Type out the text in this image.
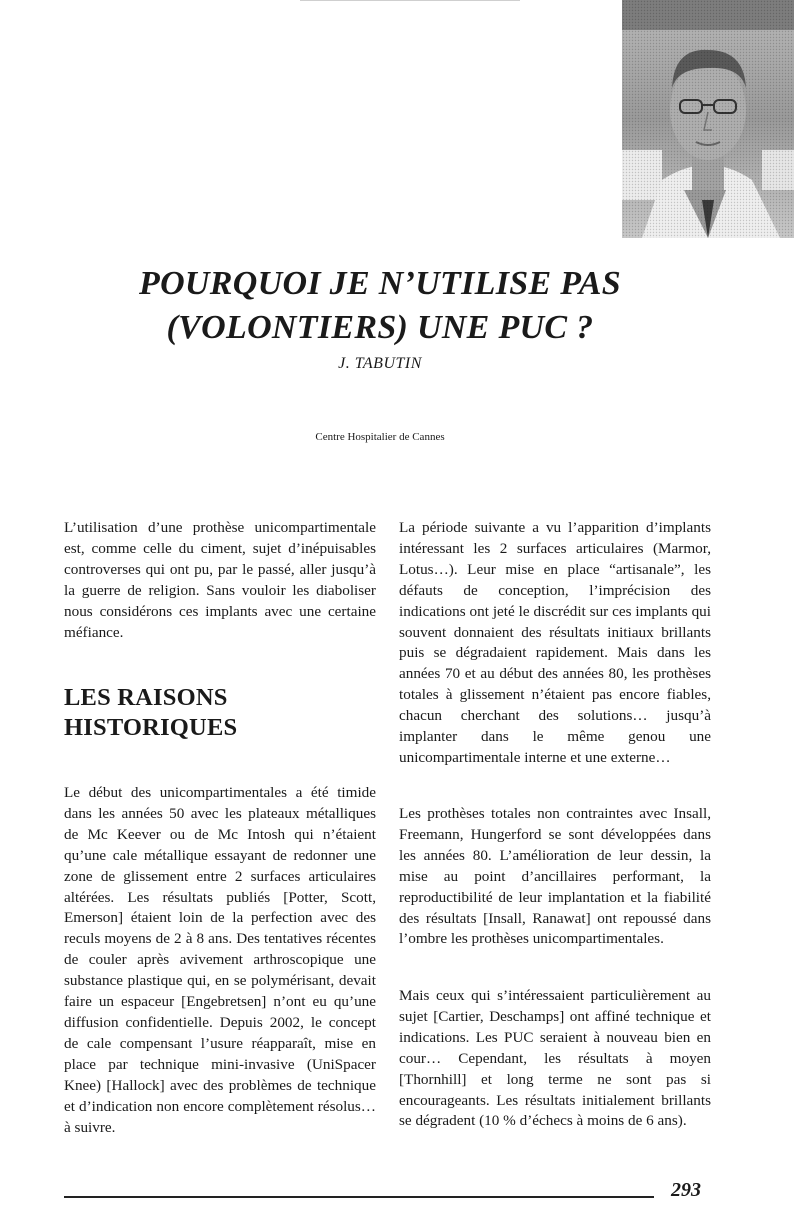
POURQUOI JE N’UTILISE PAS
(VOLONTIERS) UNE PUC ?
J. TABUTIN
Centre Hospitalier de Cannes

L’utilisation d’une prothèse unicompartimentale est, comme celle du ciment, sujet d’inépuisables controverses qui ont pu, par le passé, aller jusqu’à la guerre de religion. Sans vouloir les diaboliser nous considérons ces implants avec une certaine méfiance.

LES RAISONS
HISTORIQUES

Le début des unicompartimentales a été timide dans les années 50 avec les plateaux métalliques de Mc Keever ou de Mc Intosh qui n’étaient qu’une cale métallique essayant de redonner une zone de glissement entre 2 surfaces articulaires altérées. Les résultats publiés [Potter, Scott, Emerson] étaient loin de la perfection avec des reculs moyens de 2 à 8 ans. Des tentatives récentes de couler après avivement arthroscopique une substance plastique qui, en se polymérisant, devait faire un espaceur [Engebretsen] n’ont eu qu’une diffusion confidentielle. Depuis 2002, le concept de cale compensant l’usure réapparaît, mise en place par technique mini-invasive (UniSpacer Knee) [Hallock] avec des problèmes de technique et d’indication non encore complètement résolus… à suivre.

La période suivante a vu l’apparition d’implants intéressant les 2 surfaces articulaires (Marmor, Lotus…). Leur mise en place “artisanale”, les défauts de conception, l’imprécision des indications ont jeté le discrédit sur ces implants qui souvent donnaient des résultats initiaux brillants puis se dégradaient rapidement. Mais dans les années 70 et au début des années 80, les prothèses totales à glissement n’étaient pas encore fiables, chacun cherchant des solutions… jusqu’à implanter dans le même genou une unicompartimentale interne et une externe…

Les prothèses totales non contraintes avec Insall, Freemann, Hungerford se sont développées dans les années 80. L’amélioration de leur dessin, la mise au point d’ancillaires performant, la reproductibilité de leur implantation et la fiabilité des résultats [Insall, Ranawat] ont repoussé dans l’ombre les prothèses unicompartimentales.

Mais ceux qui s’intéressaient particulièrement au sujet [Cartier, Deschamps] ont affiné technique et indications. Les PUC seraient à nouveau bien en cour… Cependant, les résultats à moyen [Thornhill] et long terme ne sont pas si encourageants. Les résultats initialement brillants se dégradent (10 % d’échecs à moins de 6 ans).

293
